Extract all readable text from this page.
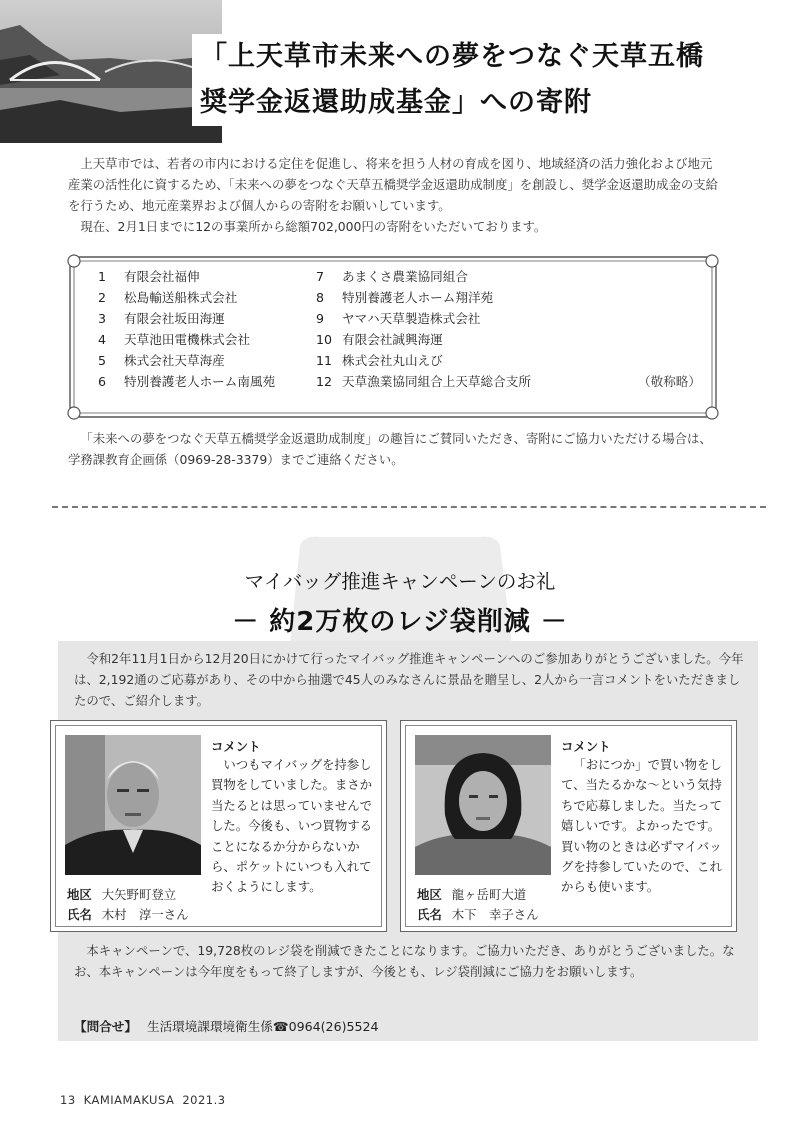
「上天草市未来への夢をつなぐ天草五橋
奨学金返還助成基金」への寄附

上天草市では、若者の市内における定住を促進し、将来を担う人材の育成を図り、地域経済の活力強化および地元産業の活性化に資するため、「未来への夢をつなぐ天草五橋奨学金返還助成制度」を創設し、奨学金返還助成金の支給を行うため、地元産業界および個人からの寄附をお願いしています。

現在、2月1日までに12の事業所から総額702,000円の寄附をいただいております。

1	有限会社福伸
2	松島輸送船株式会社
3	有限会社坂田海運
4	天草池田電機株式会社
5	株式会社天草海産
6	特別養護老人ホーム南風苑
7	あまくさ農業協同組合
8	特別養護老人ホーム翔洋苑
9	ヤマハ天草製造株式会社
10 有限会社誠興海運
11 株式会社丸山えび
12 天草漁業協同組合上天草総合支所	（敬称略）

「未来への夢をつなぐ天草五橋奨学金返還助成制度」の趣旨にご賛同いただき、寄附にご協力いただける場合は、学務課教育企画係（0969-28-3379）までご連絡ください。

マイバッグ推進キャンペーンのお礼
－ 約2万枚のレジ袋削減 －

令和2年11月1日から12月20日にかけて行ったマイバッグ推進キャンペーンへのご参加ありがとうございました。今年は、2,192通のご応募があり、その中から抽選で45人のみなさんに景品を贈呈し、2人から一言コメントをいただきましたので、ご紹介します。

コメント
いつもマイバッグを持参し買物をしていました。まさか当たるとは思っていませんでした。今後も、いつ買物することになるか分からないから、ポケットにいつも入れておくようにします。
地区 大矢野町登立
氏名 木村　淳一さん
コメント
「おにつか」で買い物をして、当たるかな～という気持ちで応募しました。当たって嬉しいです。よかったです。買い物のときは必ずマイバッグを持参していたので、これからも使います。
地区 龍ヶ岳町大道
氏名 木下　幸子さん

本キャンペーンで、19,728枚のレジ袋を削減できたことになります。ご協力いただき、ありがとうございました。なお、本キャンペーンは今年度をもって終了しますが、今後とも、レジ袋削減にご協力をお願いします。

【問合せ】 生活環境課環境衛生係☎0964(26)5524
13 KAMIAMAKUSA 2021.3
